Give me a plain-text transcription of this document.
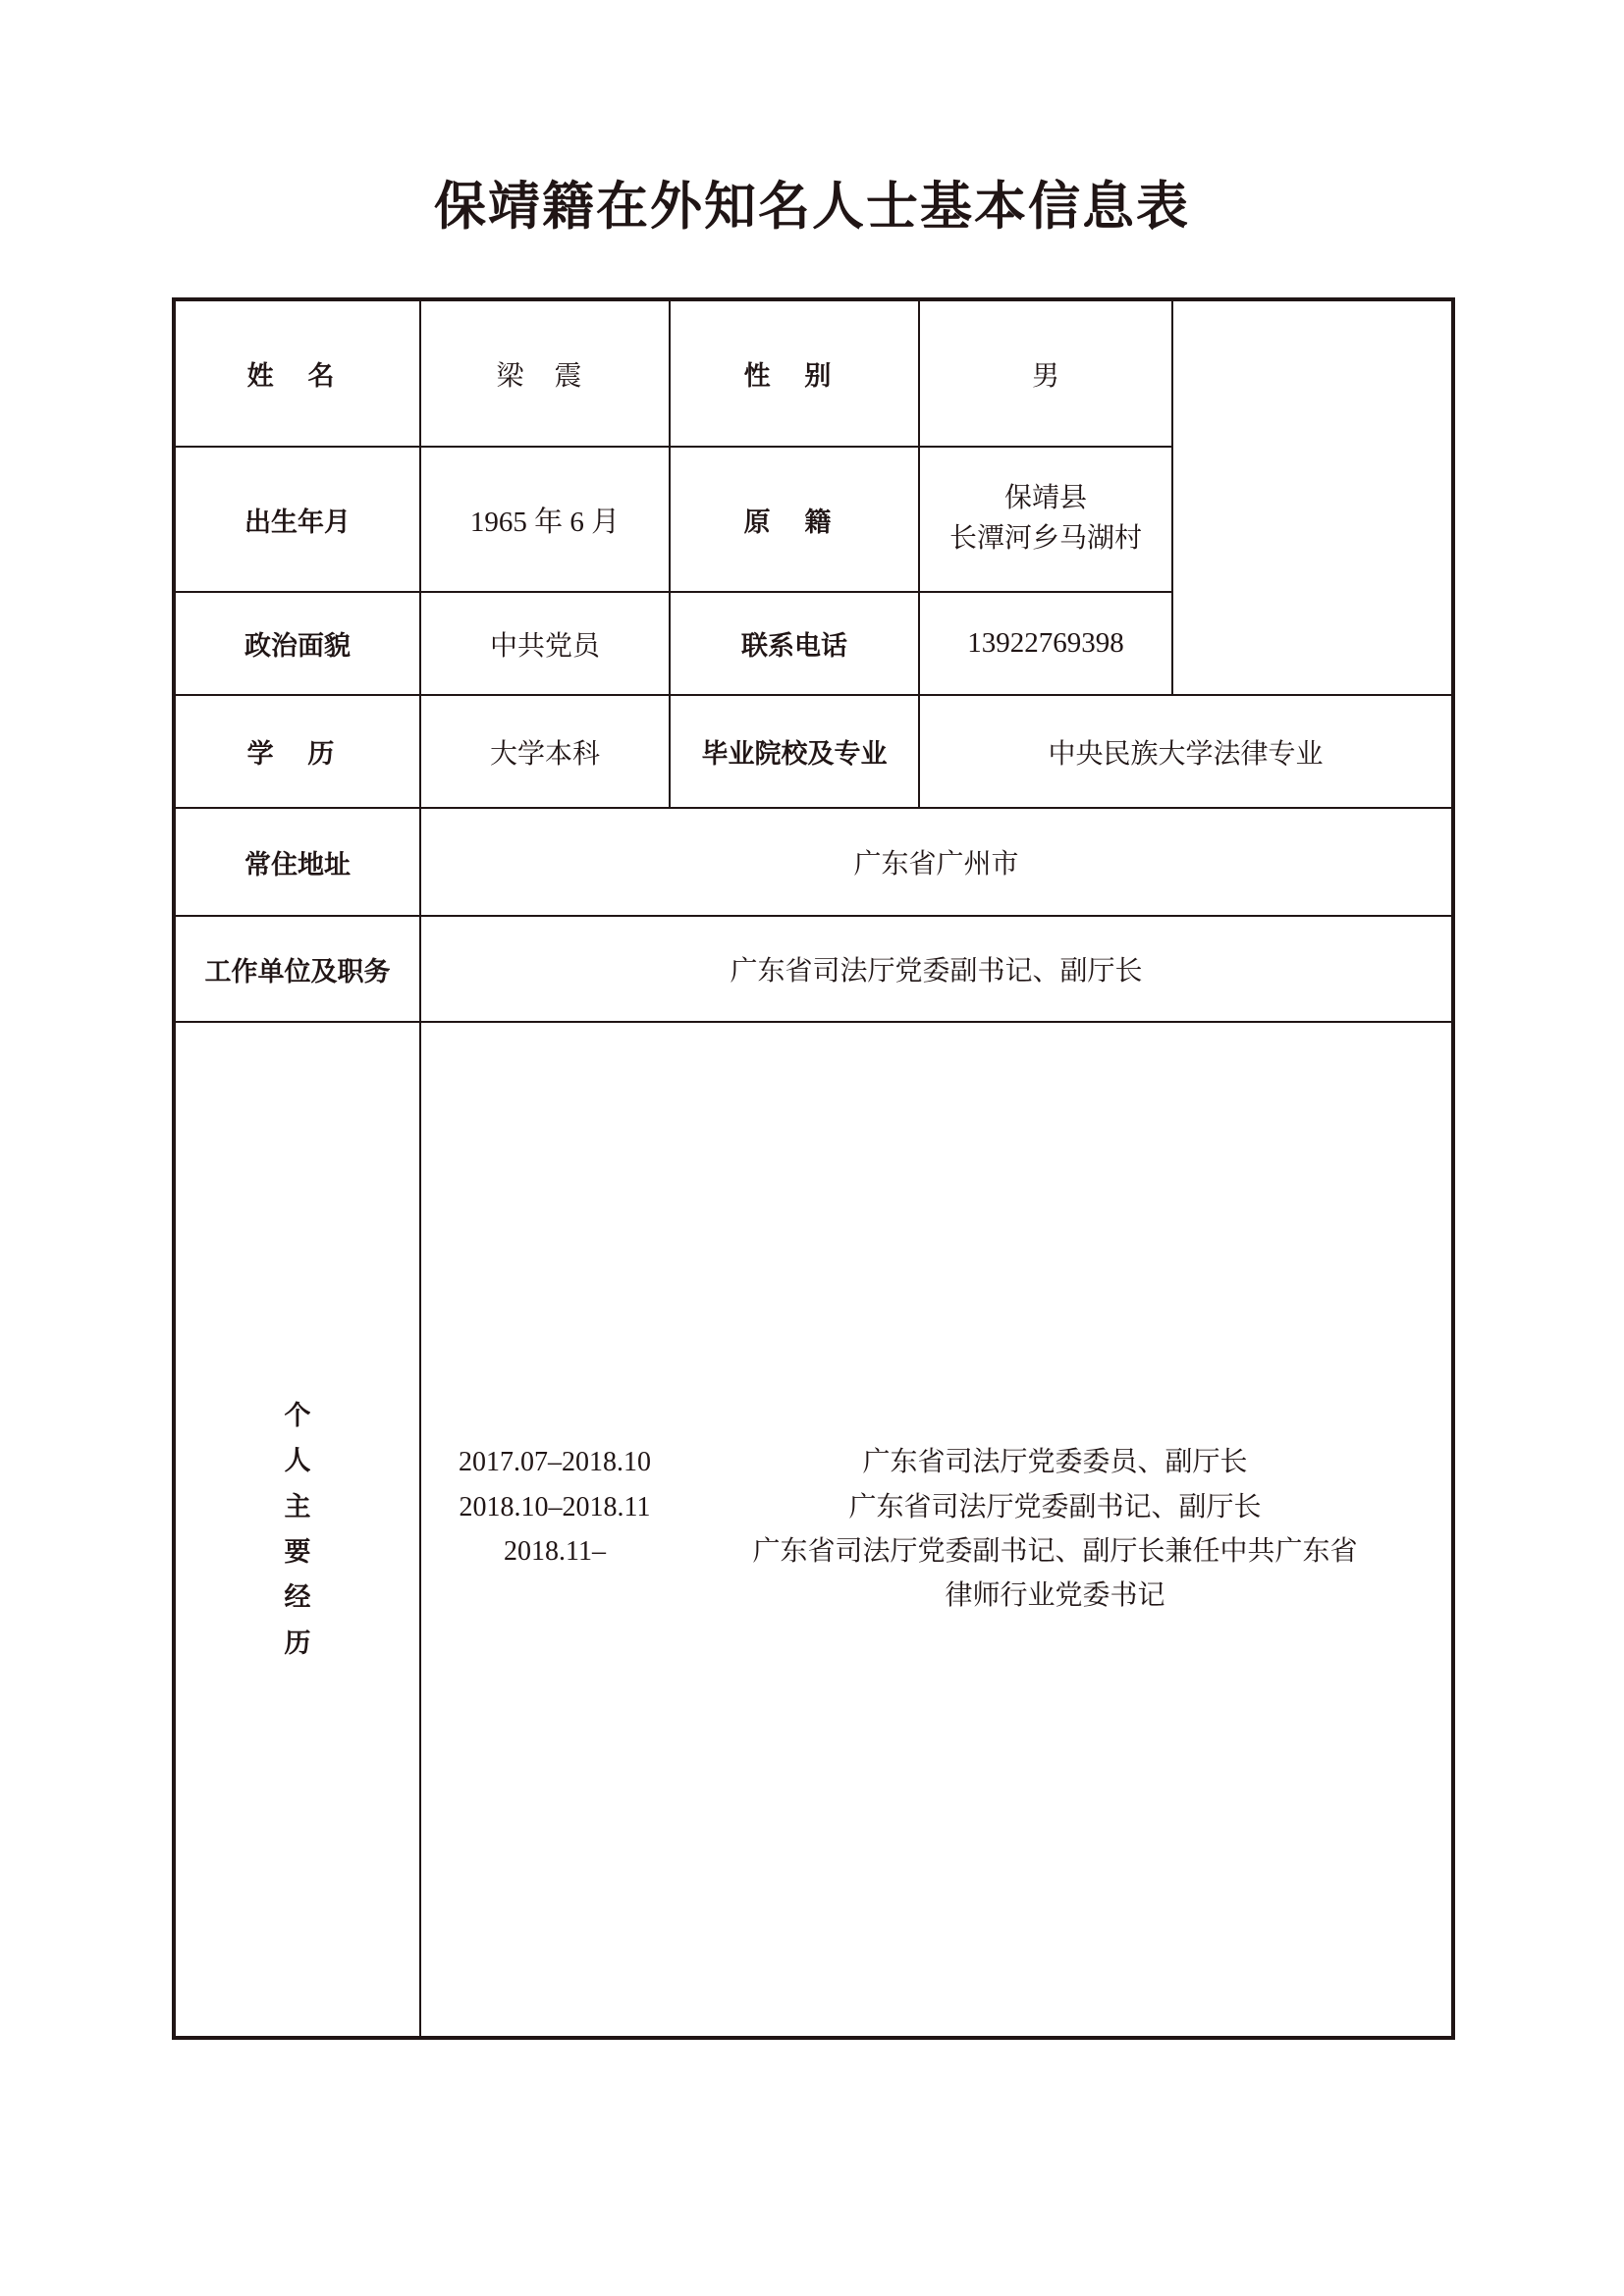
保靖籍在外知名人士基本信息表
姓 名	梁 震	性 别	男	

出生年月	1965 年 6 月	原 籍	保靖县
长潭河乡马湖村	

政治面貌	中共党员	联系电话	13922769398	
学 历	大学本科	毕业院校及专业	中央民族大学法律专业	
常住地址	广东省广州市			
工作单位及职务	广东省司法厅党委副书记、副厅长			

个
人
主
要
经
历

2017.07–2018.10	广东省司法厅党委委员、副厅长
2018.10–2018.11	广东省司法厅党委副书记、副厅长
2018.11–	广东省司法厅党委副书记、副厅长兼任中共广东省
律师行业党委书记
